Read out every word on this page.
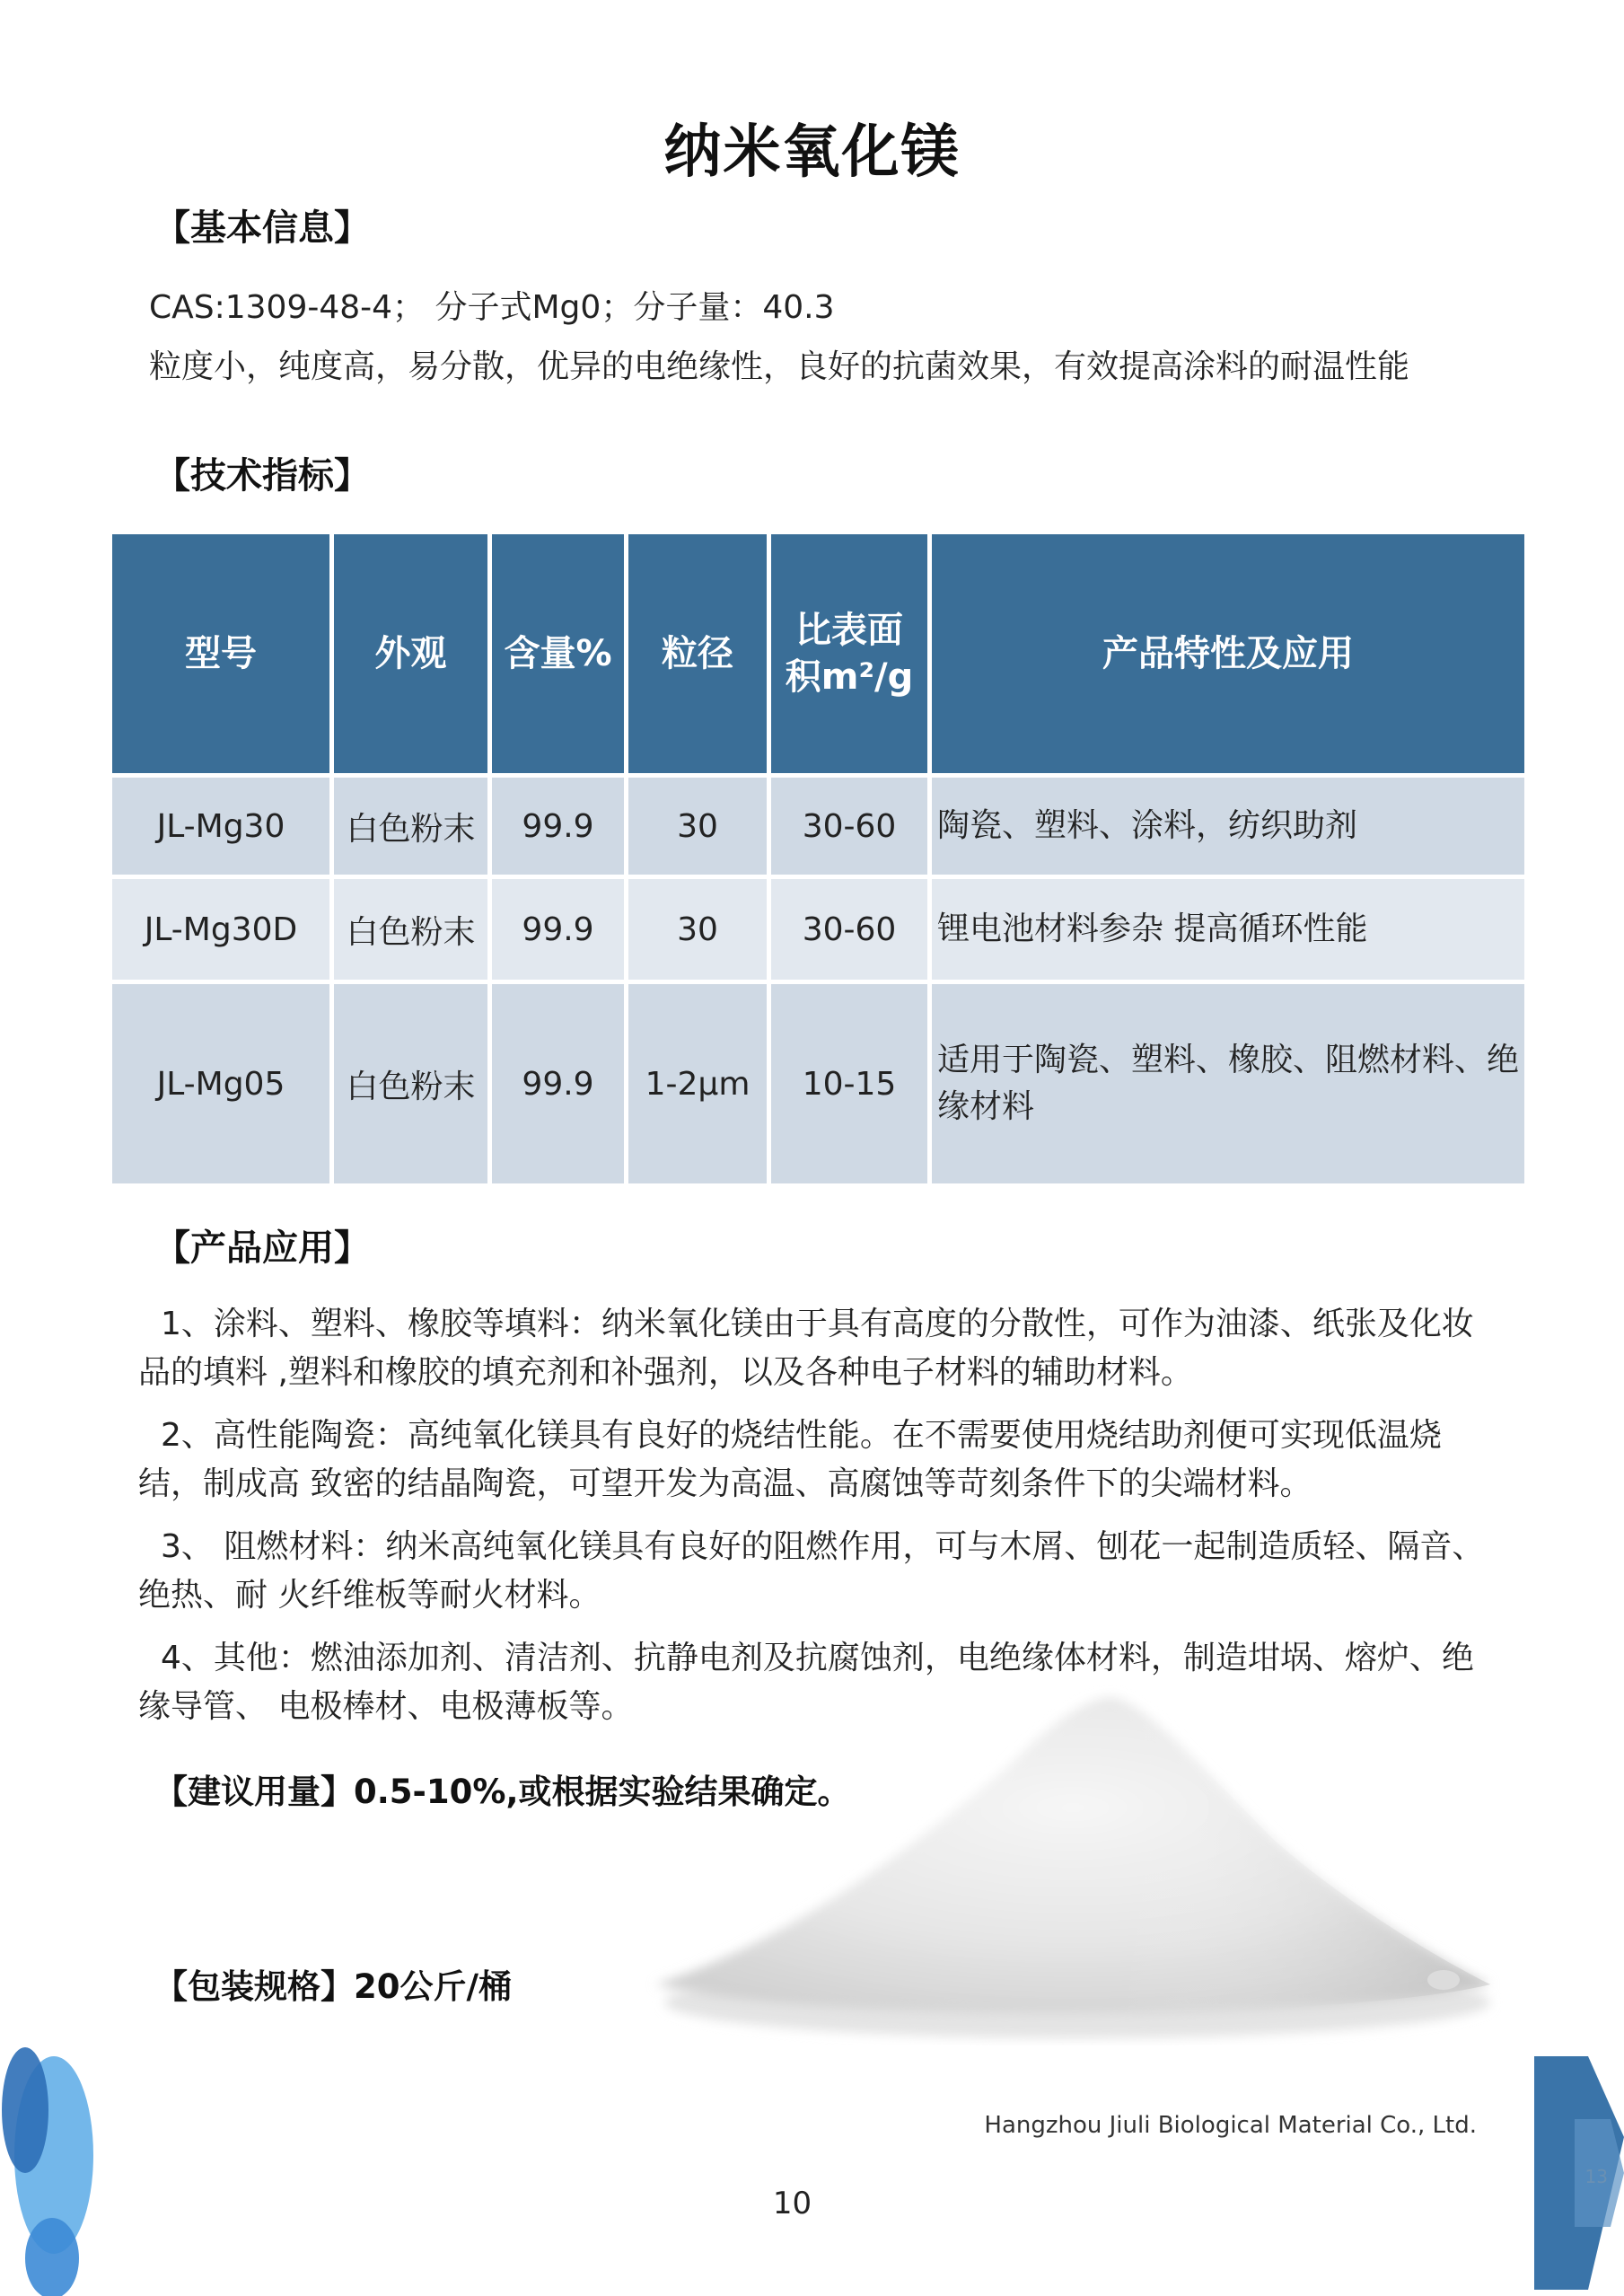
纳米氧化镁
【基本信息】
CAS:1309-48-4； 分子式Mg0；分子量：40.3
粒度小，纯度高，易分散，优异的电绝缘性，良好的抗菌效果，有效提高涂料的耐温性能
【技术指标】
型号	外观	含量%	粒径	比表面积m²/g	产品特性及应用
JL-Mg30	白色粉末	99.9	30	30-60	陶瓷、塑料、涂料，纺织助剂
JL-Mg30D	白色粉末	99.9	30	30-60	锂电池材料参杂 提高循环性能
JL-Mg05	白色粉末	99.9	1-2μm	10-15	适用于陶瓷、塑料、橡胶、阻燃材料、绝缘材料
【产品应用】

1、涂料、塑料、橡胶等填料：纳米氧化镁由于具有高度的分散性，可作为油漆、纸张及化妆品的填料 ,塑料和橡胶的填充剂和补强剂，以及各种电子材料的辅助材料。

2、高性能陶瓷：高纯氧化镁具有良好的烧结性能。在不需要使用烧结助剂便可实现低温烧结，制成高 致密的结晶陶瓷，可望开发为高温、高腐蚀等苛刻条件下的尖端材料。

3、 阻燃材料：纳米高纯氧化镁具有良好的阻燃作用，可与木屑、刨花一起制造质轻、隔音、绝热、耐 火纤维板等耐火材料。

4、其他：燃油添加剂、清洁剂、抗静电剂及抗腐蚀剂，电绝缘体材料，制造坩埚、熔炉、绝缘导管、 电极棒材、电极薄板等。

【建议用量】0.5-10%,或根据实验结果确定。
【包装规格】20公斤/桶
Hangzhou Jiuli Biological Material Co., Ltd.
10
13
